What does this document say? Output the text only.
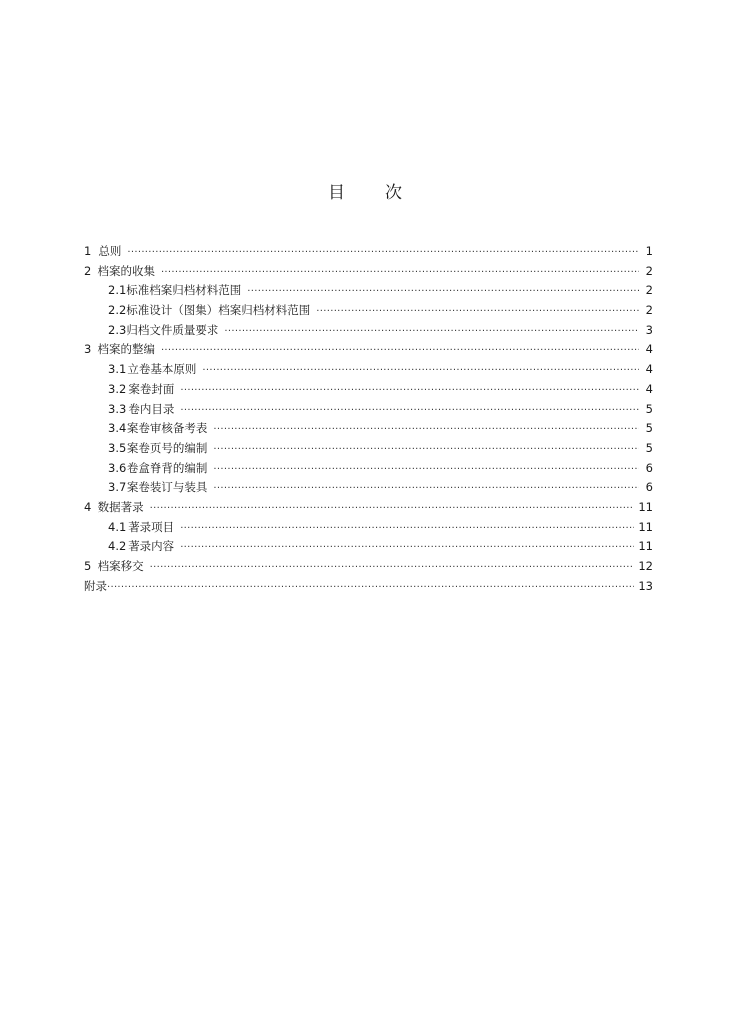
目 次
1 总则 ·····	1
2 档案的收集 ·····	2
2.1 标准档案归档材料范围 ·····	2
2.2 标准设计（图集）档案归档材料范围 ·····	2
2.3 归档文件质量要求 ·····	3
3 档案的整编 ·····	4
3.1 立卷基本原则 ·····	4
3.2 案卷封面 ·····	4
3.3 卷内目录 ·····	5
3.4 案卷审核备考表 ·····	5
3.5 案卷页号的编制 ·····	5
3.6 卷盒脊背的编制 ·····	6
3.7 案卷装订与装具 ·····	6
4 数据著录 ·····	11
4.1 著录项目 ·····	11
4.2 著录内容 ·····	11
5 档案移交 ·····	12
附录 ·····	13
